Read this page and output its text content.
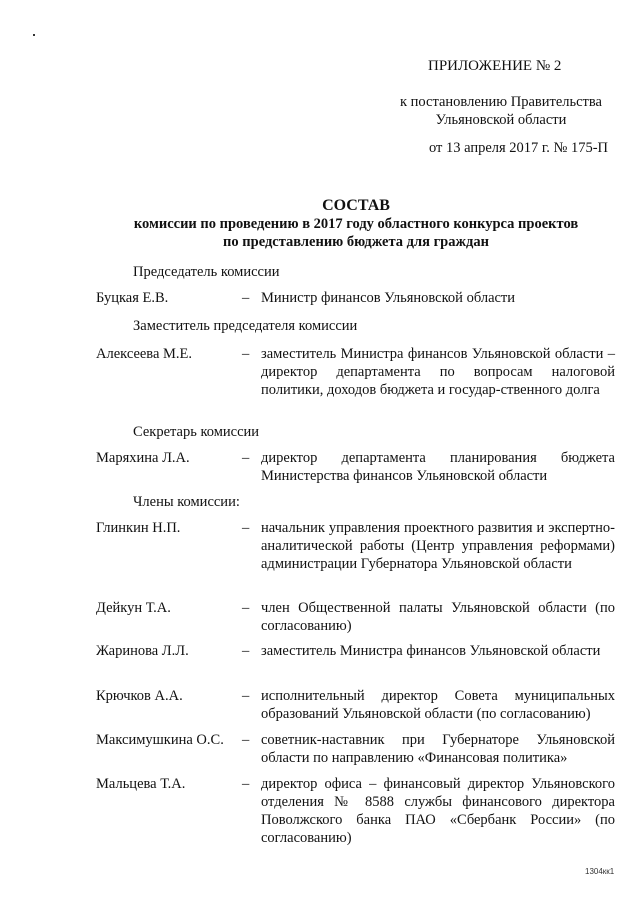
ПРИЛОЖЕНИЕ № 2
к постановлению Правительства
Ульяновской области
от 13 апреля 2017 г. № 175-П
СОСТАВ
комиссии по проведению в 2017 году областного конкурса проектов
по представлению бюджета для граждан
Председатель комиссии
Буцкая Е.В.	– Министр финансов Ульяновской области
Заместитель председателя комиссии
Алексеева М.Е.	– заместитель Министра финансов Ульяновской области – директор департамента по вопросам налоговой политики, доходов бюджета и государ-ственного долга
Секретарь комиссии
Маряхина Л.А.	– директор департамента планирования бюджета Министерства финансов Ульяновской области
Члены комиссии:
Глинкин Н.П.	– начальник управления проектного развития и экспертно-аналитической работы (Центр управления реформами) администрации Губернатора Ульяновской области
Дейкун Т.А.	– член Общественной палаты Ульяновской области (по согласованию)
Жаринова Л.Л.	– заместитель Министра финансов Ульяновской области
Крючков А.А.	– исполнительный директор Совета муниципальных образований Ульяновской области (по согласованию)
Максимушкина О.С. – советник-наставник при Губернаторе Ульяновской области по направлению «Финансовая политика»
Мальцева Т.А.	– директор офиса – финансовый директор Ульяновского отделения № 8588 службы финансового директора Поволжского банка ПАО «Сбербанк России» (по согласованию)
1304кк1
